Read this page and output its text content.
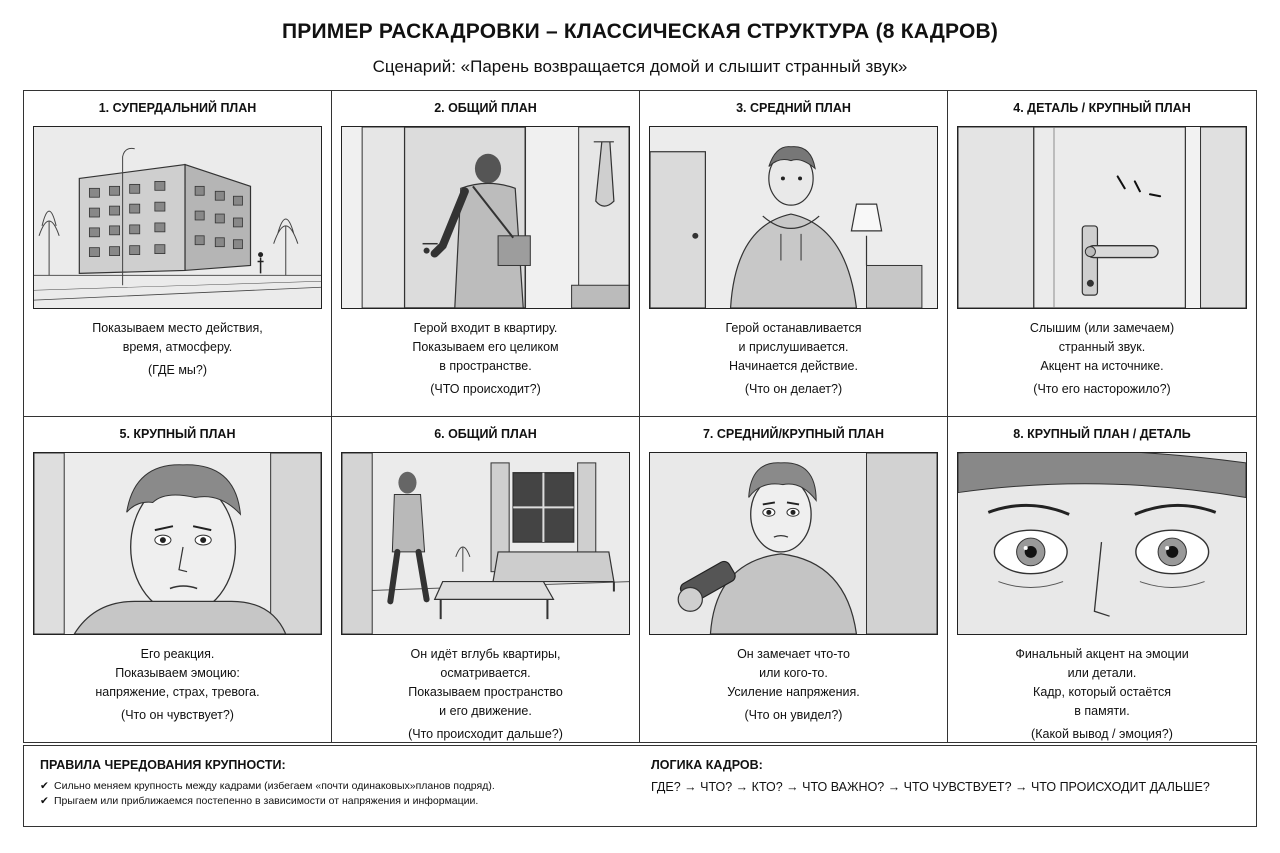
ПРИМЕР РАСКАДРОВКИ – КЛАССИЧЕСКАЯ СТРУКТУРА (8 КАДРОВ)
Сценарий: «Парень возвращается домой и слышит странный звук»
1. СУПЕРДАЛЬНИЙ ПЛАН
Показываем место действия,
время, атмосферу.
(ГДЕ мы?)
2. ОБЩИЙ ПЛАН
Герой входит в квартиру.
Показываем его целиком
в пространстве.
(ЧТО происходит?)
3. СРЕДНИЙ ПЛАН
Герой останавливается
и прислушивается.
Начинается действие.
(Что он делает?)
4. ДЕТАЛЬ / КРУПНЫЙ ПЛАН
Слышим (или замечаем)
странный звук.
Акцент на источнике.
(Что его насторожило?)
5. КРУПНЫЙ ПЛАН
Его реакция.
Показываем эмоцию:
напряжение, страх, тревога.
(Что он чувствует?)
6. ОБЩИЙ ПЛАН
Он идёт вглубь квартиры,
осматривается.
Показываем пространство
и его движение.
(Что происходит дальше?)
7. СРЕДНИЙ/КРУПНЫЙ ПЛАН
Он замечает что-то
или кого-то.
Усиление напряжения.
(Что он увидел?)
8. КРУПНЫЙ ПЛАН / ДЕТАЛЬ
Финальный акцент на эмоции
или детали.
Кадр, который остаётся
в памяти.
(Какой вывод / эмоция?)
ПРАВИЛА ЧЕРЕДОВАНИЯ КРУПНОСТИ:
✔ Сильно меняем крупность между кадрами (избегаем «почти одинаковых»планов подряд).
✔ Прыгаем или приближаемся постепенно в зависимости от напряжения и информации.
ЛОГИКА КАДРОВ:
ГДЕ? → ЧТО? → КТО? → ЧТО ВАЖНО? → ЧТО ЧУВСТВУЕТ? → ЧТО ПРОИСХОДИТ ДАЛЬШЕ?
